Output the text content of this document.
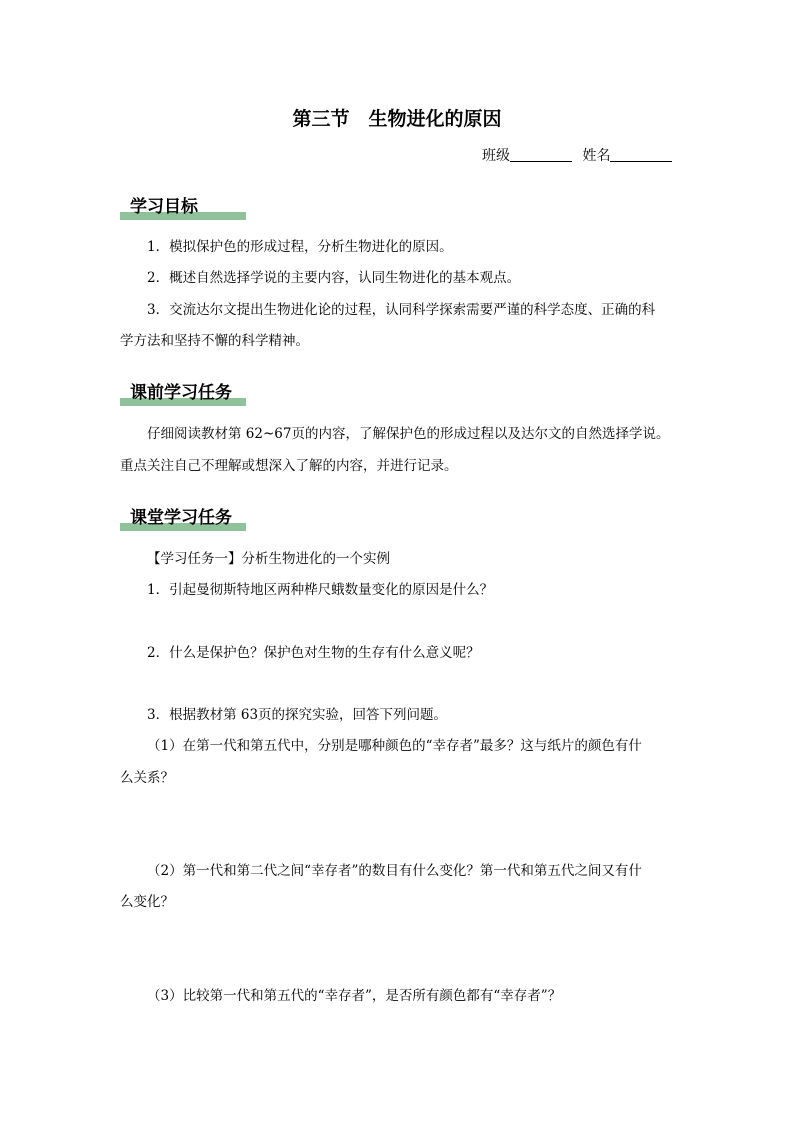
第三节　生物进化的原因
班级	姓名
学习目标
1．模拟保护色的形成过程，分析生物进化的原因。
2．概述自然选择学说的主要内容，认同生物进化的基本观点。
3．交流达尔文提出生物进化论的过程，认同科学探索需要严谨的科学态度、正确的科
学方法和坚持不懈的科学精神。
课前学习任务
仔细阅读教材第 62~67页的内容，了解保护色的形成过程以及达尔文的自然选择学说。
重点关注自己不理解或想深入了解的内容，并进行记录。
课堂学习任务
【学习任务一】分析生物进化的一个实例
1．引起曼彻斯特地区两种桦尺蛾数量变化的原因是什么？
2．什么是保护色？保护色对生物的生存有什么意义呢？
3．根据教材第 63页的探究实验，回答下列问题。
（1）在第一代和第五代中，分别是哪种颜色的“幸存者”最多？这与纸片的颜色有什
么关系？
（2）第一代和第二代之间“幸存者”的数目有什么变化？第一代和第五代之间又有什
么变化？
（3）比较第一代和第五代的“幸存者”，是否所有颜色都有“幸存者”？
